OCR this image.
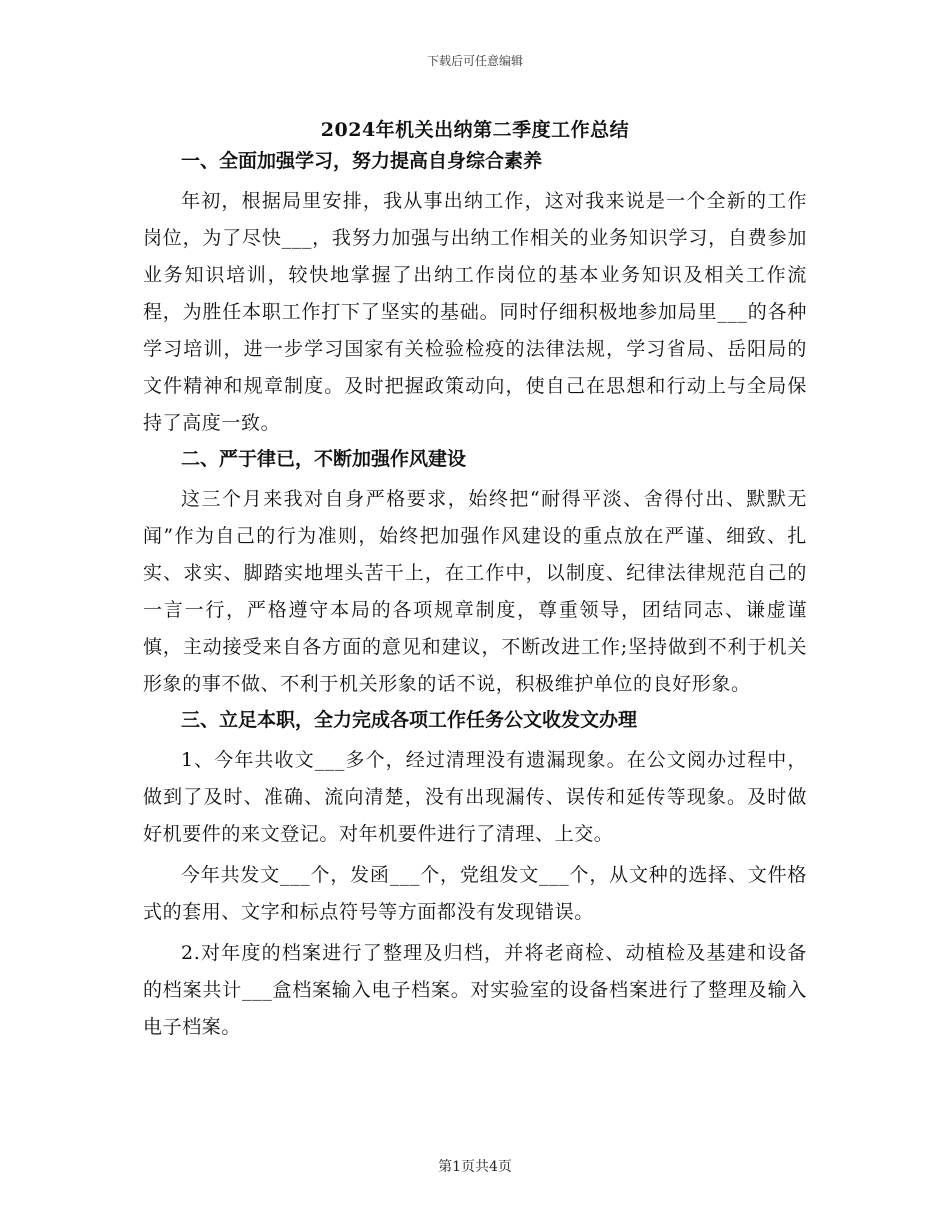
下载后可任意编辑
2024年机关出纳第二季度工作总结
一、全面加强学习，努力提高自身综合素养

年初，根据局里安排，我从事出纳工作，这对我来说是一个全新的工作岗位，为了尽快___，我努力加强与出纳工作相关的业务知识学习，自费参加业务知识培训，较快地掌握了出纳工作岗位的基本业务知识及相关工作流程，为胜任本职工作打下了坚实的基础。同时仔细积极地参加局里___的各种学习培训，进一步学习国家有关检验检疫的法律法规，学习省局、岳阳局的文件精神和规章制度。及时把握政策动向，使自己在思想和行动上与全局保持了高度一致。

二、严于律已，不断加强作风建设

这三个月来我对自身严格要求，始终把“耐得平淡、舍得付出、默默无闻”作为自己的行为准则，始终把加强作风建设的重点放在严谨、细致、扎实、求实、脚踏实地埋头苦干上，在工作中，以制度、纪律法律规范自己的一言一行，严格遵守本局的各项规章制度，尊重领导，团结同志、谦虚谨慎，主动接受来自各方面的意见和建议，不断改进工作;坚持做到不利于机关形象的事不做、不利于机关形象的话不说，积极维护单位的良好形象。

三、立足本职，全力完成各项工作任务公文收发文办理

1、今年共收文___多个，经过清理没有遗漏现象。在公文阅办过程中，做到了及时、准确、流向清楚，没有出现漏传、误传和延传等现象。及时做好机要件的来文登记。对年机要件进行了清理、上交。

今年共发文___个，发函___个，党组发文___个，从文种的选择、文件格式的套用、文字和标点符号等方面都没有发现错误。

2.对年度的档案进行了整理及归档，并将老商检、动植检及基建和设备的档案共计___盒档案输入电子档案。对实验室的设备档案进行了整理及输入电子档案。

第1页共4页
